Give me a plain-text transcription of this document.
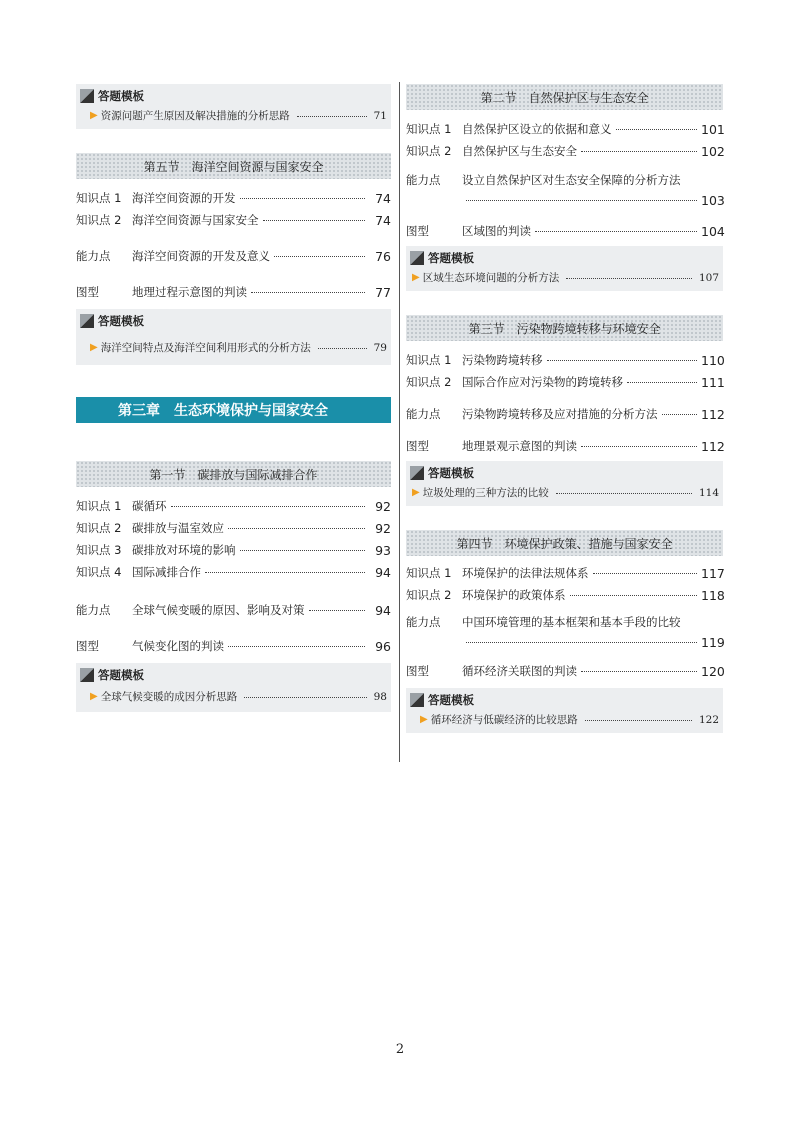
答题模板
▶ 资源问题产生原因及解决措施的分析思路	71
第五节　海洋空间资源与国家安全
知识点 1 海洋空间资源的开发	74
知识点 2 海洋空间资源与国家安全	74
能力点	海洋空间资源的开发及意义	76
图型	地理过程示意图的判读	77
答题模板
▶ 海洋空间特点及海洋空间利用形式的分析方法	79
第三章　生态环境保护与国家安全
第一节　碳排放与国际减排合作
知识点 1 碳循环	92
知识点 2 碳排放与温室效应	92
知识点 3 碳排放对环境的影响	93
知识点 4 国际减排合作	94
能力点	全球气候变暖的原因、影响及对策	94
图型	气候变化图的判读	96
答题模板
▶ 全球气候变暖的成因分析思路	98
第二节　自然保护区与生态安全
知识点 1 自然保护区设立的依据和意义	101
知识点 2 自然保护区与生态安全	102
能力点	设立自然保护区对生态安全保障的分析方法
103
图型	区域图的判读	104
答题模板
▶ 区域生态环境问题的分析方法	107
第三节　污染物跨境转移与环境安全
知识点 1 污染物跨境转移	110
知识点 2 国际合作应对污染物的跨境转移	111
能力点	污染物跨境转移及应对措施的分析方法	112
图型	地理景观示意图的判读	112
答题模板
▶ 垃圾处理的三种方法的比较	114
第四节　环境保护政策、措施与国家安全
知识点 1 环境保护的法律法规体系	117
知识点 2 环境保护的政策体系	118
能力点	中国环境管理的基本框架和基本手段的比较
119
图型	循环经济关联图的判读	120
答题模板
▶ 循环经济与低碳经济的比较思路	122
2
